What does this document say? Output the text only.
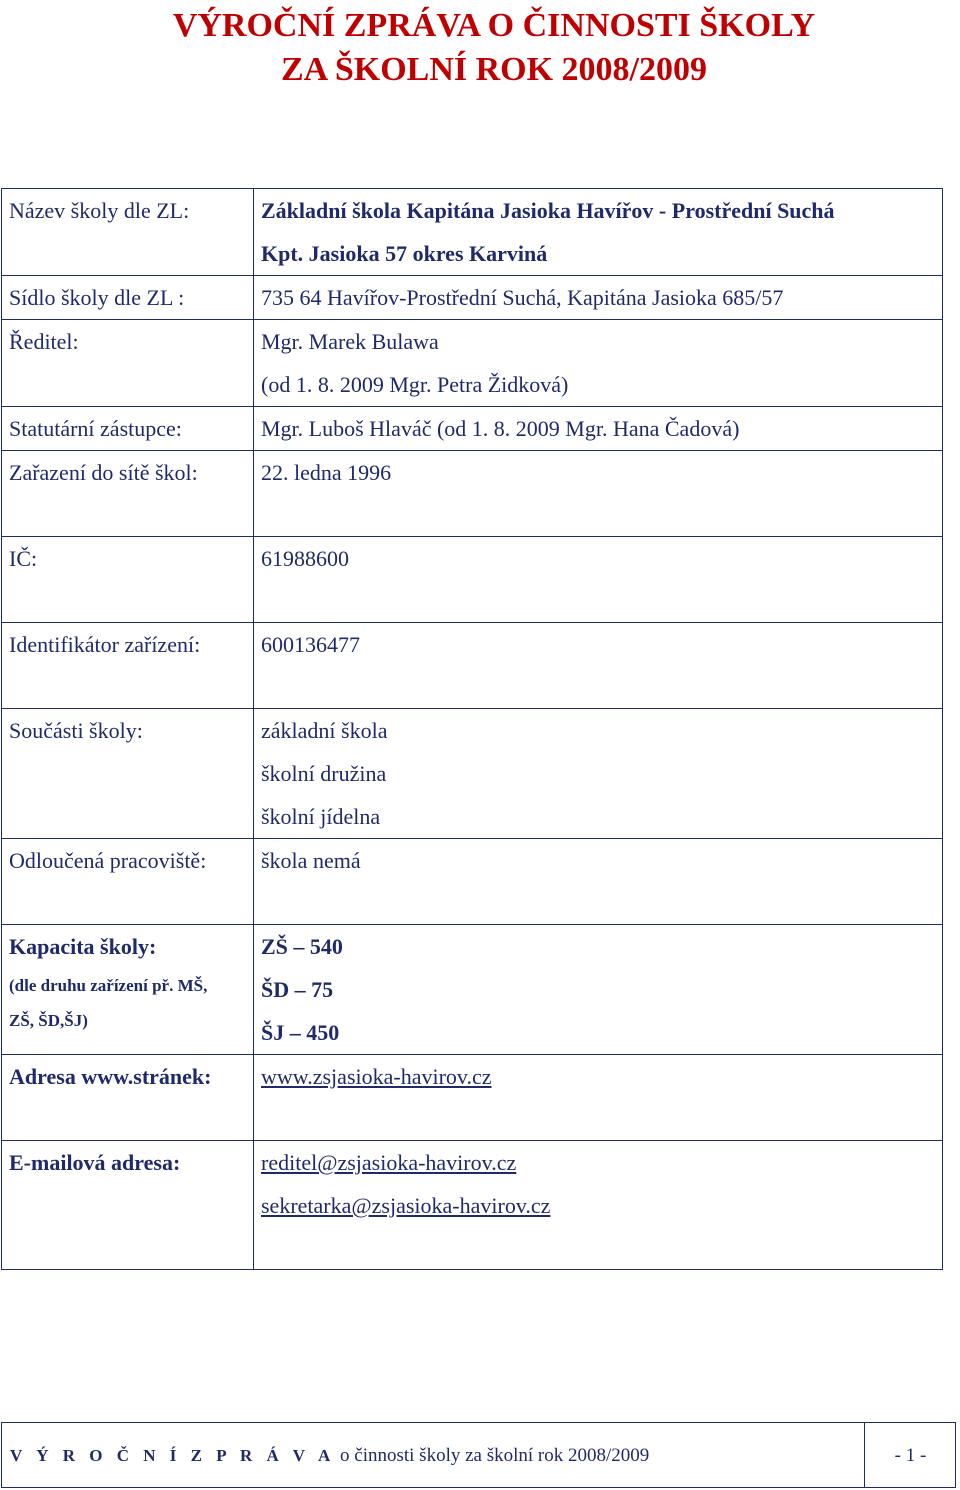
VÝROČNÍ ZPRÁVA O ČINNOSTI ŠKOLY
ZA ŠKOLNÍ ROK 2008/2009
Název školy dle ZL:	Základní škola Kapitána Jasioka Havířov - Prostřední Suchá
Kpt. Jasioka 57 okres Karviná

Sídlo školy dle ZL :	735 64 Havířov-Prostřední Suchá, Kapitána Jasioka 685/57

Ředitel:	Mgr. Marek Bulawa
(od 1. 8. 2009 Mgr. Petra Židková)

Statutární zástupce:	Mgr. Luboš Hlaváč (od 1. 8. 2009 Mgr. Hana Čadová)

Zařazení do sítě škol:	22. ledna 1996

IČ:	61988600

Identifikátor zařízení:	600136477

Součásti školy:	základní škola
školní družina
školní jídelna

Odloučená pracoviště:	škola nemá

Kapacita školy:
(dle druhu zařízení př. MŠ,
ZŠ, ŠD,ŠJ)	ZŠ – 540
ŠD – 75
ŠJ – 450

Adresa www.stránek:	www.zsjasioka-havirov.cz

E-mailová adresa:	reditel@zsjasioka-havirov.cz
sekretarka@zsjasioka-havirov.cz
V Ý R O Č N Í Z P R Á V A o činnosti školy za školní rok 2008/2009	- 1 -
